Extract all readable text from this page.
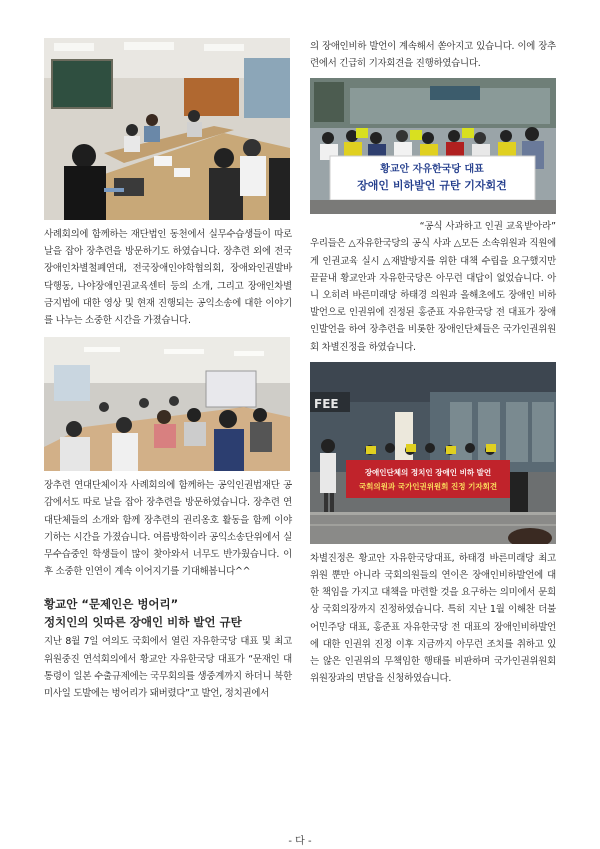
사례회의에 함께하는 재단법인 동천에서 실무수습생들이 따로 날을 잡아 장추련을 방문하기도 하였습니다. 장추련 외에 전국장애인차별철폐연대, 전국장애인야학협의회, 장애와인권발바닥행동, 나야장애인권교육센터 등의 소개, 그리고 장애인차별금지법에 대한 영상 및 현재 진행되는 공익소송에 대한 이야기를 나누는 소중한 시간을 가졌습니다.

장추련 연대단체이자 사례회의에 함께하는 공익인권법재단 공감에서도 따로 날을 잡아 장추련을 방문하였습니다. 장추련 연대단체들의 소개와 함께 장추련의 권리옹호 활동을 함께 이야기하는 시간을 가졌습니다. 여름방학이라 공익소송단위에서 실무수습중인 학생들이 많이 찾아와서 너무도 반가웠습니다. 이후 소중한 인연이 계속 이어지기를 기대해봅니다^^

황교안 “문제인은 벙어리”

정치인의 잇따른 장애인 비하 발언 규탄

지난 8월 7일 여의도 국회에서 열린 자유한국당 대표 및 최고위원중진 연석회의에서 황교안 자유한국당 대표가 “문재인 대통령이 일본 수출규제에는 국무회의를 생중계까지 하더니 북한 미사일 도발에는 벙어리가 돼버렸다”고 발언, 정치권에서

의 장애인비하 발언이 계속해서 쏟아지고 있습니다. 이에 장추련에서 긴급히 기자회견을 진행하였습니다.

황교안 자유한국당 대표
장애인 비하발언 규탄 기자회견

“공식 사과하고 인권 교육받아라”

우리들은 △자유한국당의 공식 사과 △모든 소속위원과 직원에게 인권교육 실시 △재발방지를 위한 대책 수립을 요구했지만 끝끝내 황교안과 자유한국당은 아무런 대답이 없었습니다. 아니 오히려 바른미래당 하태경 의원과 올해초에도 장애인 비하발언으로 인권위에 진정된 홍준표 자유한국당 전 대표가 장애인발언을 하여 장추련을 비롯한 장애인단체들은 국가인권위원회 차별진정을 하였습니다.

FEE
장애인단체의 정치인 장애인 비하 발언
국회의원과 국가인권위원회 진정 기자회견

차별진정은 황교안 자유한국당대표, 하태경 바른미래당 최고위원 뿐만 아니라 국회의원들의 연이은 장애인비하발언에 대한 책임을 가지고 대책을 마련할 것을 요구하는 의미에서 문희상 국회의장까지 진정하였습니다. 특히 지난 1월 이해찬 더불어민주당 대표, 홍준표 자유한국당 전 대표의 장애인비하발언에 대한 인권위 진정 이후 지금까지 아무런 조치를 취하고 있는 않은 인권위의 무책임한 행태를 비판하며 국가인권위원회 위원장과의 면담을 신청하였습니다.

- 다 -
